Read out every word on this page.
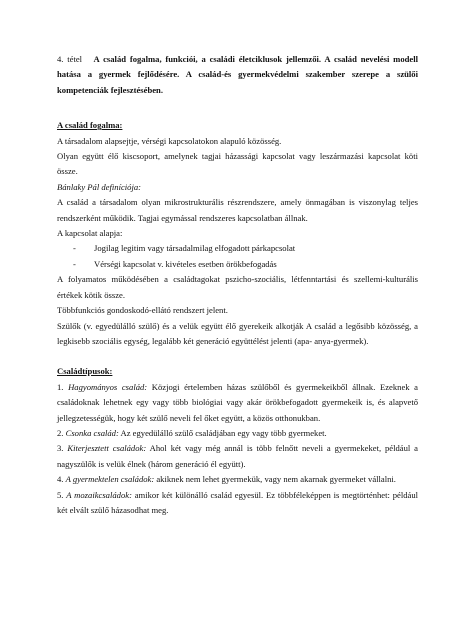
4. tétel A család fogalma, funkciói, a családi életciklusok jellemzői. A család nevelési modell hatása a gyermek fejlődésére. A család-és gyermekvédelmi szakember szerepe a szülői kompetenciák fejlesztésében.

A család fogalma:

A társadalom alapsejtje, vérségi kapcsolatokon alapuló közösség.

Olyan együtt élő kiscsoport, amelynek tagjai házassági kapcsolat vagy leszármazási kapcsolat köti össze.

Bánlaky Pál definíciója:

A család a társadalom olyan mikrostrukturális részrendszere, amely önmagában is viszonylag teljes rendszerként működik. Tagjai egymással rendszeres kapcsolatban állnak.

A kapcsolat alapja:

- Jogilag legitim vagy társadalmilag elfogadott párkapcsolat
- Vérségi kapcsolat v. kivételes esetben örökbefogadás

A folyamatos működésében a családtagokat pszicho-szociális, létfenntartási és szellemi-kulturális értékek kötik össze.

Többfunkciós gondoskodó-ellátó rendszert jelent.

Szülők (v. egyedülálló szülő) és a velük együtt élő gyerekeik alkotják A család a legősibb közösség, a legkisebb szociális egység, legalább két generáció együttélést jelenti (apa- anya-gyermek).

Családtípusok:

1. Hagyományos család: Közjogi értelemben házas szülőből és gyermekeikből állnak. Ezeknek a családoknak lehetnek egy vagy több biológiai vagy akár örökbefogadott gyermekeik is, és alapvető jellegzetességük, hogy két szülő neveli fel őket együtt, a közös otthonukban.

2. Csonka család: Az egyedülálló szülő családjában egy vagy több gyermeket.

3. Kiterjesztett családok: Ahol két vagy még annál is több felnőtt neveli a gyermekeket, például a nagyszülők is velük élnek (három generáció él együtt).

4. A gyermektelen családok: akiknek nem lehet gyermekük, vagy nem akarnak gyermeket vállalni.

5. A mozaikcsaládok: amikor két különálló család egyesül. Ez többféleképpen is megtörténhet: például két elvált szülő házasodhat meg.
